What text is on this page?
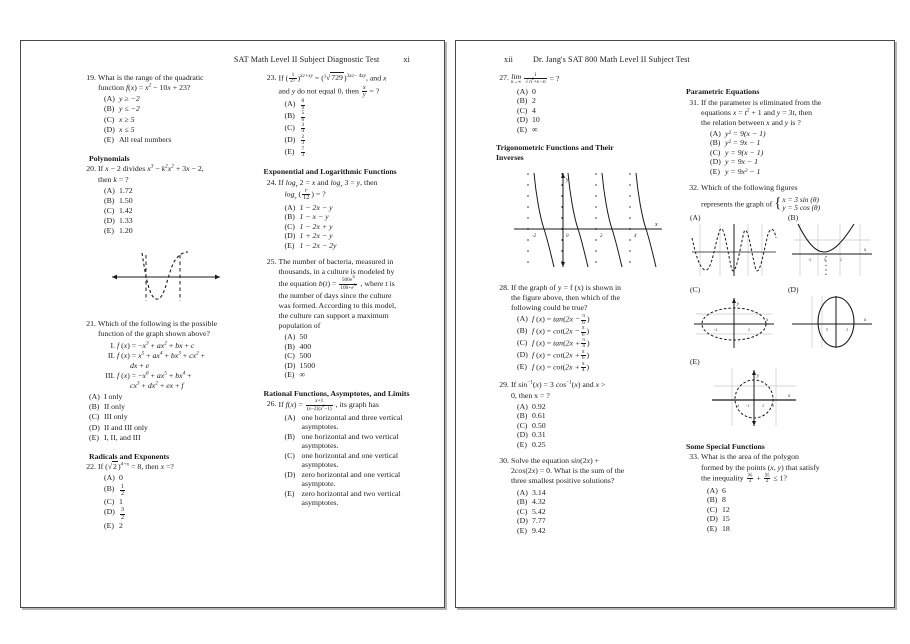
SAT Math Level II Subject Diagnostic Test	xi
19. What is the range of the quadratic
function $f(x) = x^2 - 10x + 23$?
(A) y ≥ −2
(B) y ≤ −2
(C) x ≥ 5
(D) x ≤ 5
(E) All real numbers
Polynomials
20. If x − 2 divides $x^3 - k^2x^2 + 3x - 2$,
then k = ?
(A) 1.72
(B) 1.50
(C) 1.42
(D) 1.33
(E) 1.20
21. Which of the following is the possible
function of the graph shown above?
I. f $(x) = -x^3 + ax^2$ + bx + c
II. f $(x) = x^5 + ax^4 + bx^3 + cx^2$ +
dx + e
III. f $(x) = -x^6 + ax^5 + bx^4$ +
$cx^3 + dx^2$ + ex + f
(A) I only
(B) II only
(C) III only
(D) II and III only
(E) I, II, and III
Radicals and Exponents
22. If $(√2)^{4+x} = 8$, then x =?
(A) 0
$(B) \frac{1}{2}$
(C) 1
$(D) \frac{3}{2}$
(E) 2
23. If ( $\frac{1}{27} )^{x2+xy} = (^3√729)^{3x2- 4xy}$, and x
and y do not equal 0, then $\frac{x}{y}$ = ?
$(A) \frac{8}{9}$
(B)	$\frac{5}{6}$
(C)	$\frac{3}{4}$
$(D) \frac{2}{3}$
(E)	$\frac{7}{3}$
Exponential and Logarithmic Functions
24. If $\log_r 2 = x$ and $\log_r 3 = y$, then
$\log_r$ ( $\frac{r}{12}$ ) = ?
(A) 1 − 2x − y
(B) 1 − x − y
(C) 1 − 2x + y
(D) 1 + 2x − y
(E) 1 − 2x − 2y
25. The number of bacteria, measured in
thousands, in a culture is modeled by
the equation $b(t) = \frac{500e^{3t}}{100+e^{3t}}$ , where t is
the number of days since the culture
was formed. According to this model,
the culture can support a maximum
population of
(A) 50
(B) 400
(C) 500
(D) 1500
(E) ∞
Rational Functions, Asymptotes, and Limits
26. If $f(x) = \frac{x+1}{(x-2)(x^2-1)}$ , its graph has
(A) one horizontal and three vertical
asymptotes.
(B) one horizontal and two vertical
asymptotes.
(C) one horizontal and one vertical
asymptotes.
(D) zero horizontal and one vertical
asymptote.
(E) zero horizontal and two vertical
asymptotes.
xii Dr. Jang's SAT 800 Math Level II Subject Test
27. lim
n→∞
$\frac{1}{√n^2+x-n}$ = ?
(A) 0
(B) 2
(C) 4
(D) 10
(E) ∞
Trigonometric Functions and Their Inverses
x
y
-2	0	2	4
28. If the graph of y = f (x) is shown in
the figure above, then which of the
following could be true?
(A) f $(x) = \tan(2x - \frac{\pi}{6}$ )
(B) f $(x) = \cot(2x - \frac{\pi}{6}$ )
(C) f $(x) = \tan(2x + \frac{\pi}{4}$ )
(D) f $(x) = \cot(2x + \frac{\pi}{6}$ )
(E) f $(x) = \cot(2x + \frac{\pi}{4}$ )
29. If $\sin^{-1}(x) = 3$ $\cos^{-1}(x)$ and x >
0, then x = ?
(A) 0.92
(B) 0.61
(C) 0.50
(D) 0.31
(E) 0.25
30. Solve the equation sin(2x) +
2cos(2x) = 0. What is the sum of the
three smallest positive solutions?
(A) 3.14
(B) 4.32
(C) 5.42
(D) 7.77
(E) 9.42
Parametric Equations
31. If the parameter is eliminated from the
equations $x = t^2 + 1$ and y = 3t, then
the relation between x and y is ?
(A) y² = 9(x − 1)
(B) y² = 9x − 1
(C) y = 9(x − 1)
(D) y = 9x − 1
(E) y = 9x² − 1
32. Which of the following figures
represents the graph of { x = 3 sin (θ)
y = 5 cos (θ)
(A)	(B)
x
-2	0	2
(C)
x
y
-2	2
(D)
x
0	2
(E)
x
y
-4 -2	2 4
Some Special Functions
33. What is the area of the polygon
formed by the points (x, y) that satisfy
the inequality $\frac{|x|}{3} + \frac{|y|}{2} \le 1$?
(A) 6
(B) 8
(C) 12
(D) 15
(E) 18
